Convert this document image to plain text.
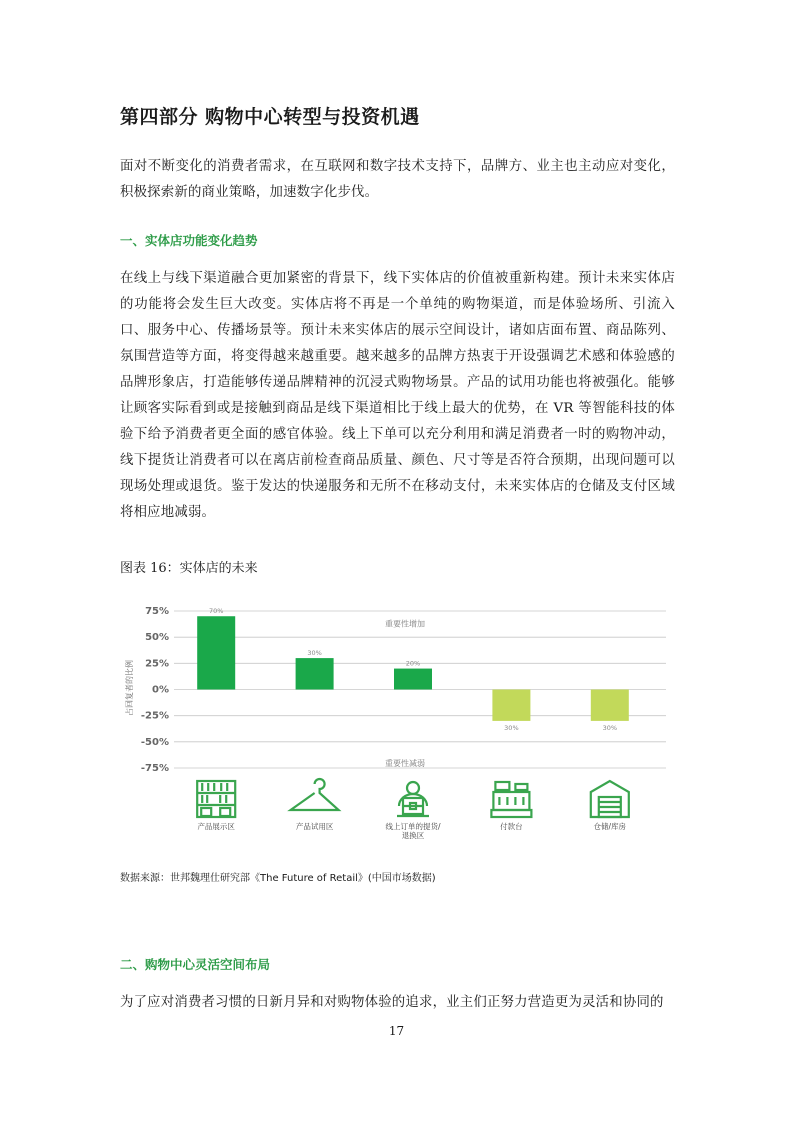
第四部分 购物中心转型与投资机遇
面对不断变化的消费者需求，在互联网和数字技术支持下，品牌方、业主也主动应对变化，积极探索新的商业策略，加速数字化步伐。
一、实体店功能变化趋势
在线上与线下渠道融合更加紧密的背景下，线下实体店的价值被重新构建。预计未来实体店的功能将会发生巨大改变。实体店将不再是一个单纯的购物渠道，而是体验场所、引流入口、服务中心、传播场景等。预计未来实体店的展示空间设计，诸如店面布置、商品陈列、氛围营造等方面，将变得越来越重要。越来越多的品牌方热衷于开设强调艺术感和体验感的品牌形象店，打造能够传递品牌精神的沉浸式购物场景。产品的试用功能也将被强化。能够让顾客实际看到或是接触到商品是线下渠道相比于线上最大的优势，在 VR 等智能科技的体验下给予消费者更全面的感官体验。线上下单可以充分利用和满足消费者一时的购物冲动，线下提货让消费者可以在离店前检查商品质量、颜色、尺寸等是否符合预期，出现问题可以现场处理或退货。鉴于发达的快递服务和无所不在移动支付，未来实体店的仓储及支付区域将相应地减弱。
图表 16：实体店的未来
75%
50%
25%
0%
-25%
-50%
-75%
70%
30%
20%
30%	30%
重要性增加
重要性减弱
产品展示区	产品试用区	线上订单的提货/
退换区
付款台	仓储/库房
占回复者的比例
数据来源：世邦魏理仕研究部《The Future of Retail》(中国市场数据)
二、购物中心灵活空间布局
为了应对消费者习惯的日新月异和对购物体验的追求，业主们正努力营造更为灵活和协同的
17
